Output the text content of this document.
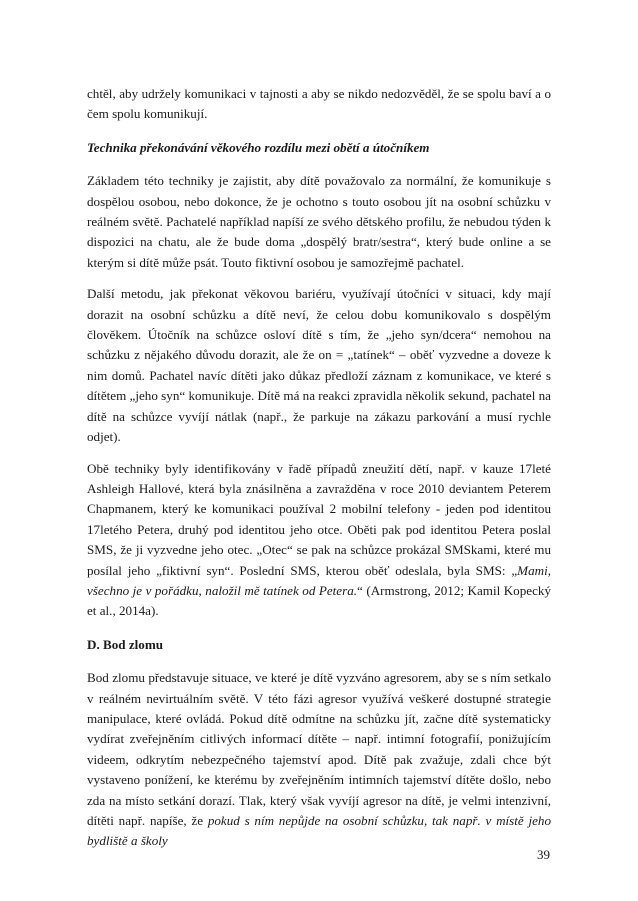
chtěl, aby udržely komunikaci v tajnosti a aby se nikdo nedozvěděl, že se spolu baví a o čem spolu komunikují.

Technika překonávání věkového rozdílu mezi obětí a útočníkem

Základem této techniky je zajistit, aby dítě považovalo za normální, že komunikuje s dospělou osobou, nebo dokonce, že je ochotno s touto osobou jít na osobní schůzku v reálném světě. Pachatelé například napíší ze svého dětského profilu, že nebudou týden k dispozici na chatu, ale že bude doma „dospělý bratr/sestra“, který bude online a se kterým si dítě může psát. Touto fiktivní osobou je samozřejmě pachatel.

Další metodu, jak překonat věkovou bariéru, využívají útočníci v situaci, kdy mají dorazit na osobní schůzku a dítě neví, že celou dobu komunikovalo s dospělým člověkem. Útočník na schůzce osloví dítě s tím, že „jeho syn/dcera“ nemohou na schůzku z nějakého důvodu dorazit, ale že on = „tatínek“ – oběť vyzvedne a doveze k nim domů. Pachatel navíc dítěti jako důkaz předloží záznam z komunikace, ve které s dítětem „jeho syn“ komunikuje. Dítě má na reakci zpravidla několik sekund, pachatel na dítě na schůzce vyvíjí nátlak (např., že parkuje na zákazu parkování a musí rychle odjet).

Obě techniky byly identifikovány v řadě případů zneužití dětí, např. v kauze 17leté Ashleigh Hallové, která byla znásilněna a zavražděna v roce 2010 deviantem Peterem Chapmanem, který ke komunikaci používal 2 mobilní telefony - jeden pod identitou 17letého Petera, druhý pod identitou jeho otce. Oběti pak pod identitou Petera poslal SMS, že ji vyzvedne jeho otec. „Otec“ se pak na schůzce prokázal SMSkami, které mu posílal jeho „fiktivní syn“. Poslední SMS, kterou oběť odeslala, byla SMS: „Mami, všechno je v pořádku, naložil mě tatínek od Petera.“ (Armstrong, 2012; Kamil Kopecký et al., 2014a).

D. Bod zlomu

Bod zlomu představuje situace, ve které je dítě vyzváno agresorem, aby se s ním setkalo v reálném nevirtuálním světě. V této fázi agresor využívá veškeré dostupné strategie manipulace, které ovládá. Pokud dítě odmítne na schůzku jít, začne dítě systematicky vydírat zveřejněním citlivých informací dítěte – např. intimní fotografií, ponižujícím videem, odkrytím nebezpečného tajemství apod. Dítě pak zvažuje, zdali chce být vystaveno ponížení, ke kterému by zveřejněním intimních tajemství dítěte došlo, nebo zda na místo setkání dorazí. Tlak, který však vyvíjí agresor na dítě, je velmi intenzivní, dítěti např. napíše, že pokud s ním nepůjde na osobní schůzku, tak např. v místě jeho bydliště a školy

39
